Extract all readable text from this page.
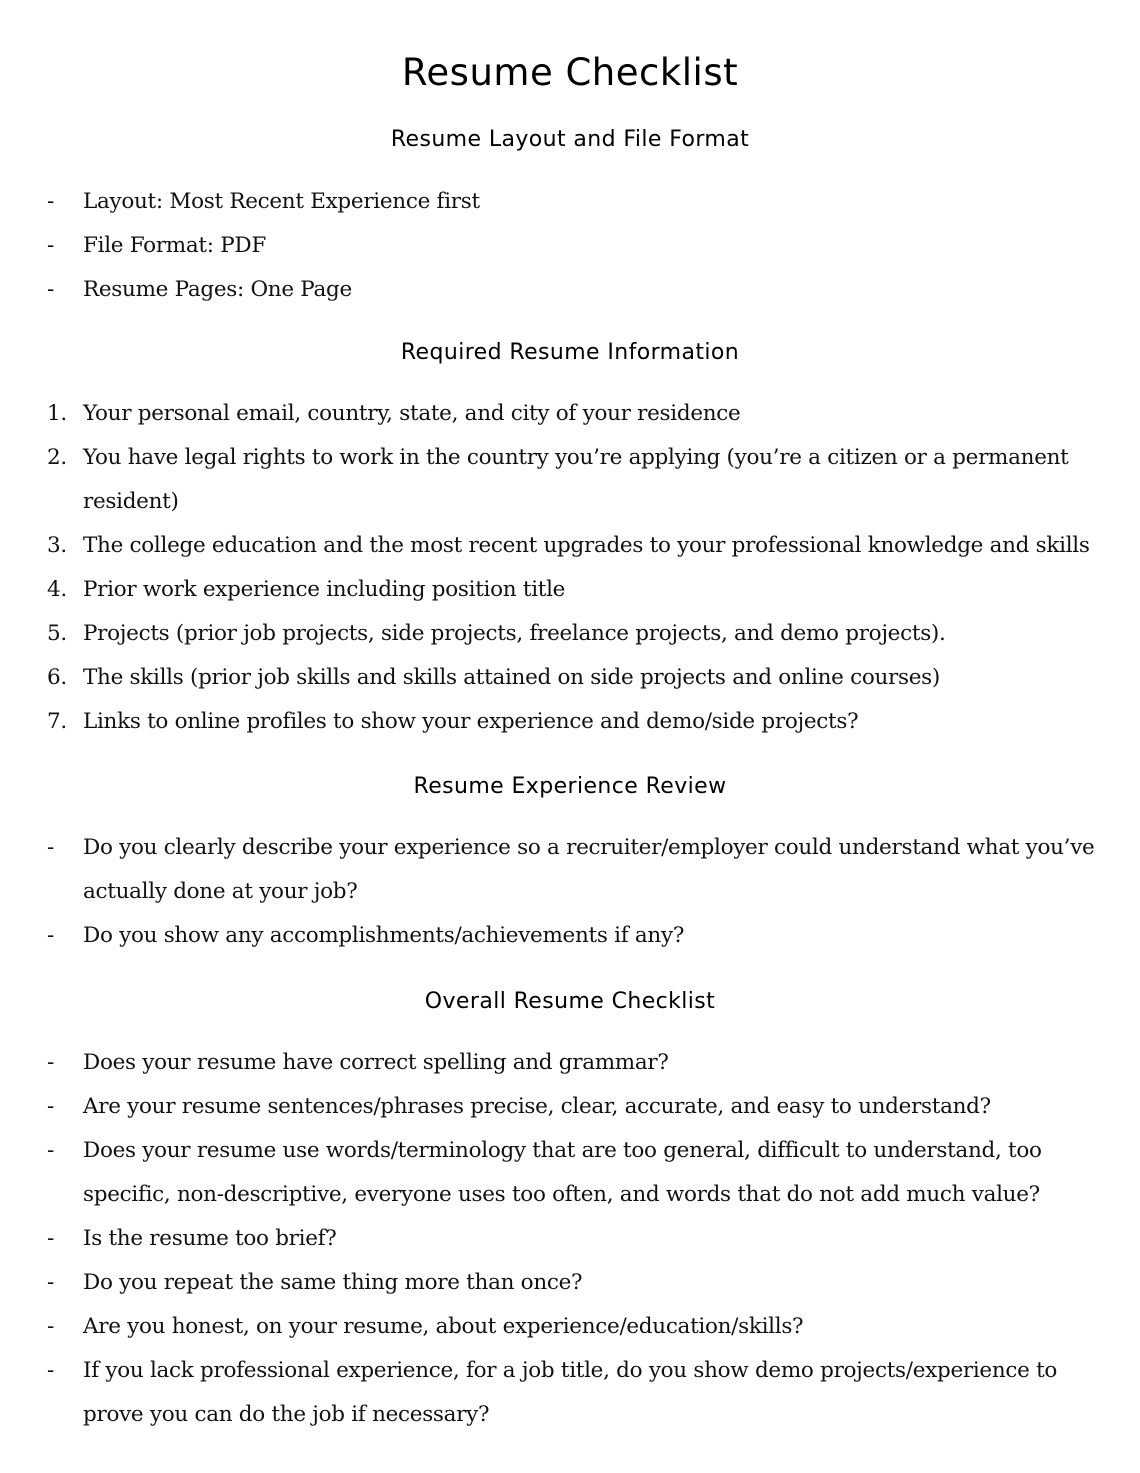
Resume Checklist
Resume Layout and File Format
-	Layout: Most Recent Experience first
-	File Format: PDF
-	Resume Pages: One Page
Required Resume Information
1. Your personal email, country, state, and city of your residence
2. You have legal rights to work in the country you’re applying (you’re a citizen or a permanent resident)
3. The college education and the most recent upgrades to your professional knowledge and skills
4. Prior work experience including position title
5. Projects (prior job projects, side projects, freelance projects, and demo projects).
6. The skills (prior job skills and skills attained on side projects and online courses)
7. Links to online profiles to show your experience and demo/side projects?
Resume Experience Review
-	Do you clearly describe your experience so a recruiter/employer could understand what you’ve actually done at your job?
-	Do you show any accomplishments/achievements if any?
Overall Resume Checklist
-	Does your resume have correct spelling and grammar?
-	Are your resume sentences/phrases precise, clear, accurate, and easy to understand?
-	Does your resume use words/terminology that are too general, difficult to understand, too specific, non-descriptive, everyone uses too often, and words that do not add much value?
-	Is the resume too brief?
-	Do you repeat the same thing more than once?
-	Are you honest, on your resume, about experience/education/skills?
-	If you lack professional experience, for a job title, do you show demo projects/experience to prove you can do the job if necessary?
